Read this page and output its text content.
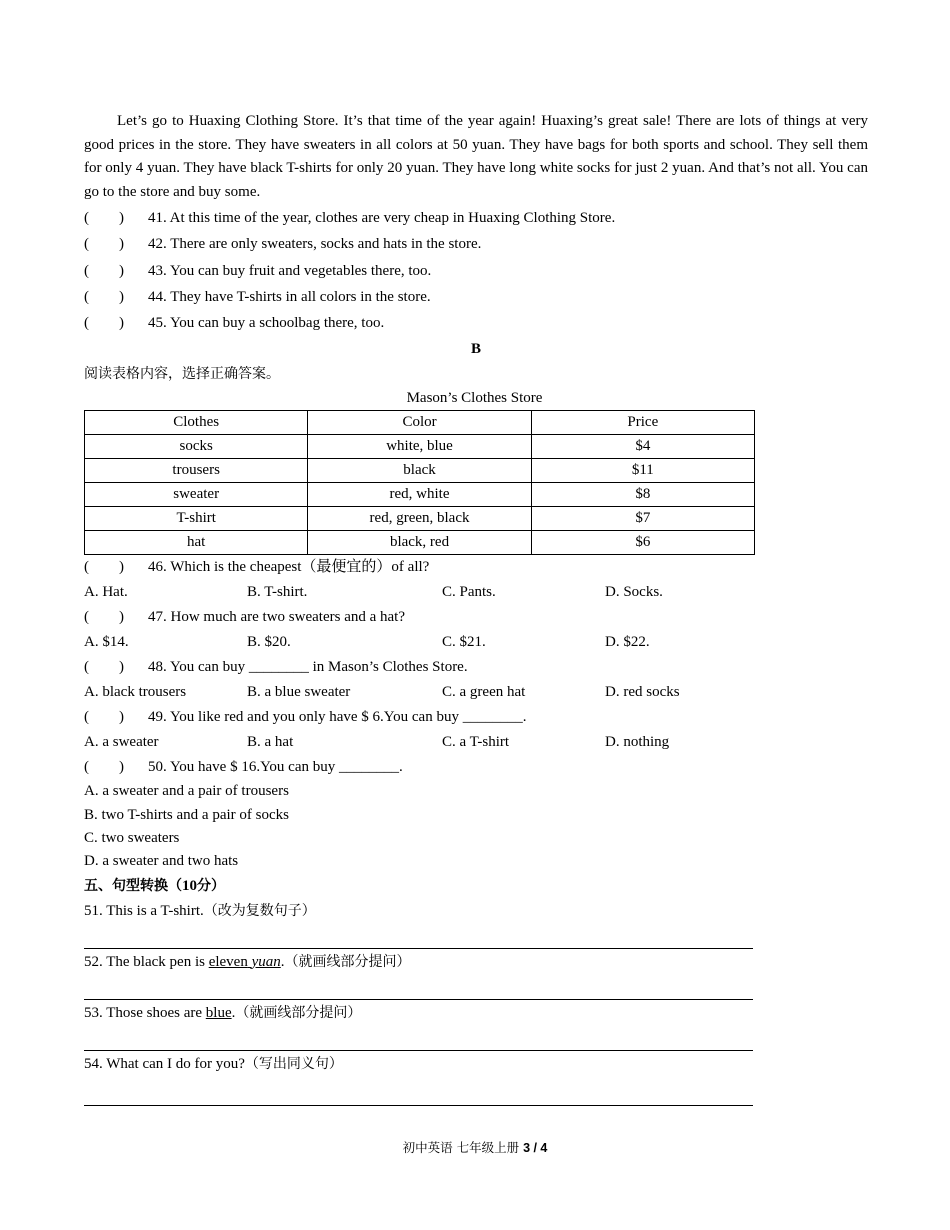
Let’s go to Huaxing Clothing Store. It’s that time of the year again! Huaxing’s great sale! There are lots of things at very good prices in the store. They have sweaters in all colors at 50 yuan. They have bags for both sports and school. They sell them for only 4 yuan. They have black T-shirts for only 20 yuan. They have long white socks for just 2 yuan. And that’s not all. You can go to the store and buy some.

(　　) 41. At this time of the year, clothes are very cheap in Huaxing Clothing Store.
(　　) 42. There are only sweaters, socks and hats in the store.
(　　) 43. You can buy fruit and vegetables there, too.
(　　) 44. They have T-shirts in all colors in the store.
(　　) 45. You can buy a schoolbag there, too.
B
阅读表格内容，选择正确答案。
Mason’s Clothes Store
Clothes	Color	Price
socks	white, blue	$4
trousers	black	$11
sweater	red, white	$8
T-shirt	red, green, black	$7
hat	black, red	$6
(　　) 46. Which is the cheapest（最便宜的）of all?
A. Hat.	B. T-shirt.	C. Pants.	D. Socks.
(　　) 47. How much are two sweaters and a hat?
A. $14.	B. $20.	C. $21.	D. $22.
(　　) 48. You can buy ________ in Mason’s Clothes Store.
A. black trousers	B. a blue sweater	C. a green hat	D. red socks
(　　) 49. You like red and you only have $ 6.You can buy ________.
A. a sweater	B. a hat	C. a T-shirt	D. nothing
(　　) 50. You have $ 16.You can buy ________.
A. a sweater and a pair of trousers
B. two T-shirts and a pair of socks
C. two sweaters
D. a sweater and two hats
五、句型转换（10分）
51. This is a T-shirt.（改为复数句子）
52. The black pen is eleven yuan.（就画线部分提问）
53. Those shoes are blue.（就画线部分提问）
54. What can I do for you?（写出同义句）
初中英语 七年级上册 3 / 4
